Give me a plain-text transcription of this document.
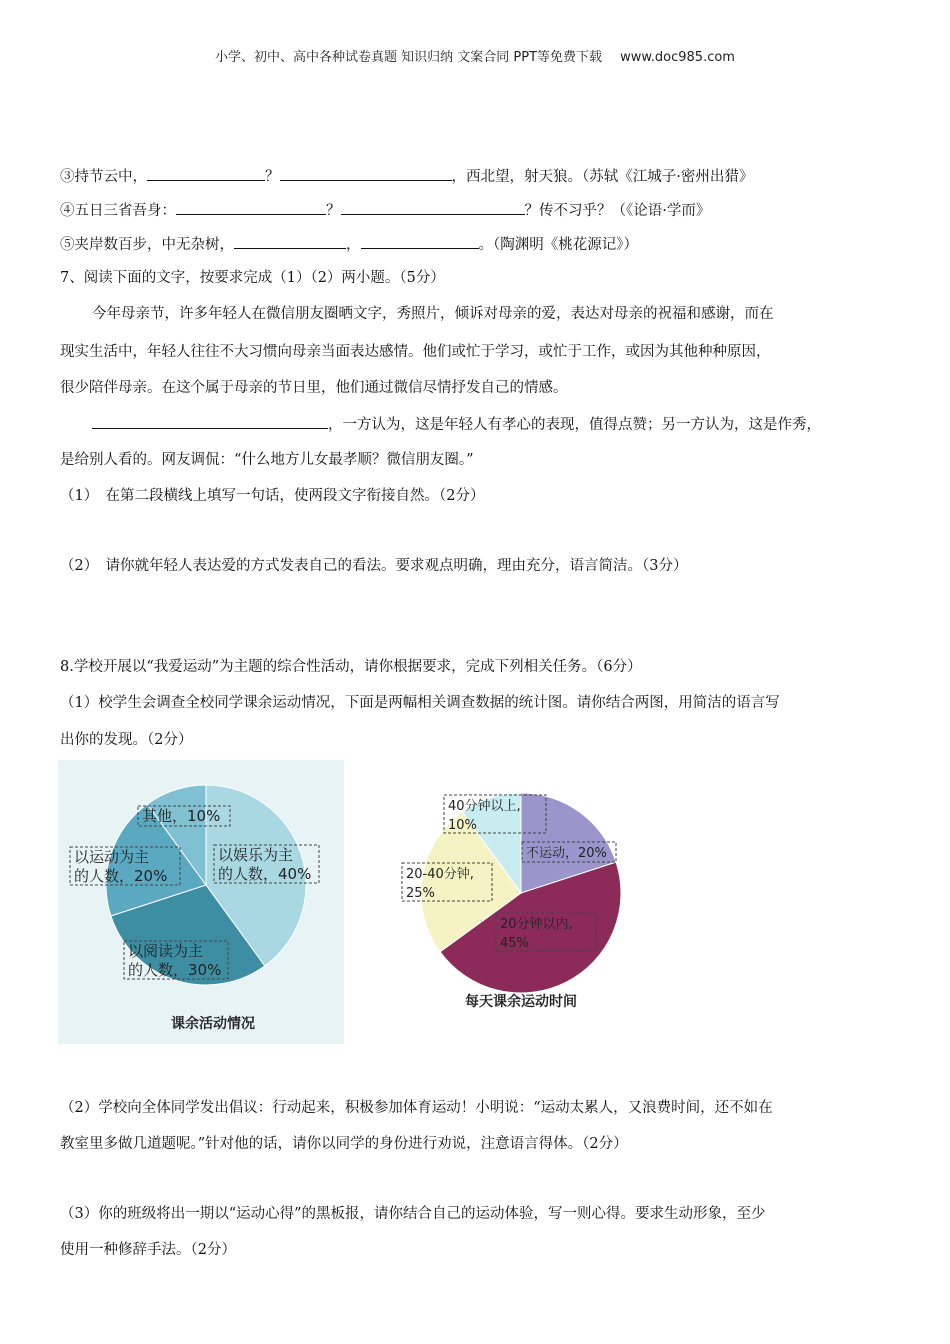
小学、初中、高中各种试卷真题 知识归纳 文案合同 PPT等免费下载 www.doc985.com
③持节云中，	？	，西北望，射天狼。（苏轼《江城子·密州出猎》
④五日三省吾身：	？	？传不习乎？（《论语·学而》
⑤夹岸数百步，中无杂树，	，	。（陶渊明《桃花源记》）
7、阅读下面的文字，按要求完成（1）（2）两小题。（5分）
今年母亲节，许多年轻人在微信朋友圈晒文字，秀照片，倾诉对母亲的爱，表达对母亲的祝福和感谢，而在
现实生活中，年轻人往往不大习惯向母亲当面表达感情。他们或忙于学习，或忙于工作，或因为其他种种原因，
很少陪伴母亲。在这个属于母亲的节日里，他们通过微信尽情抒发自己的情感。
，一方认为，这是年轻人有孝心的表现，值得点赞；另一方认为，这是作秀，
是给别人看的。网友调侃：“什么地方儿女最孝顺？微信朋友圈。”
（1）　在第二段横线上填写一句话，使两段文字衔接自然。（2分）
（2）　请你就年轻人表达爱的方式发表自己的看法。要求观点明确，理由充分，语言简洁。（3分）
8.学校开展以“我爱运动”为主题的综合性活动，请你根据要求，完成下列相关任务。（6分）
（1）校学生会调查全校同学课余运动情况，下面是两幅相关调查数据的统计图。请你结合两图，用简洁的语言写
出你的发现。（2分）
以娱乐为主
的人数，40%
以阅读为主
的人数，30%
以运动为主
的人数，20%
其他，10%
课余活动情况
不运动，20%
20分钟以内,
45%
20-40分钟,
25%
40分钟以上,
10%
每天课余运动时间
（2）学校向全体同学发出倡议：行动起来，积极参加体育运动！小明说：“运动太累人，又浪费时间，还不如在
教室里多做几道题呢。”针对他的话，请你以同学的身份进行劝说，注意语言得体。（2分）
（3）你的班级将出一期以“运动心得”的黑板报，请你结合自己的运动体验，写一则心得。要求生动形象，至少
使用一种修辞手法。（2分）
